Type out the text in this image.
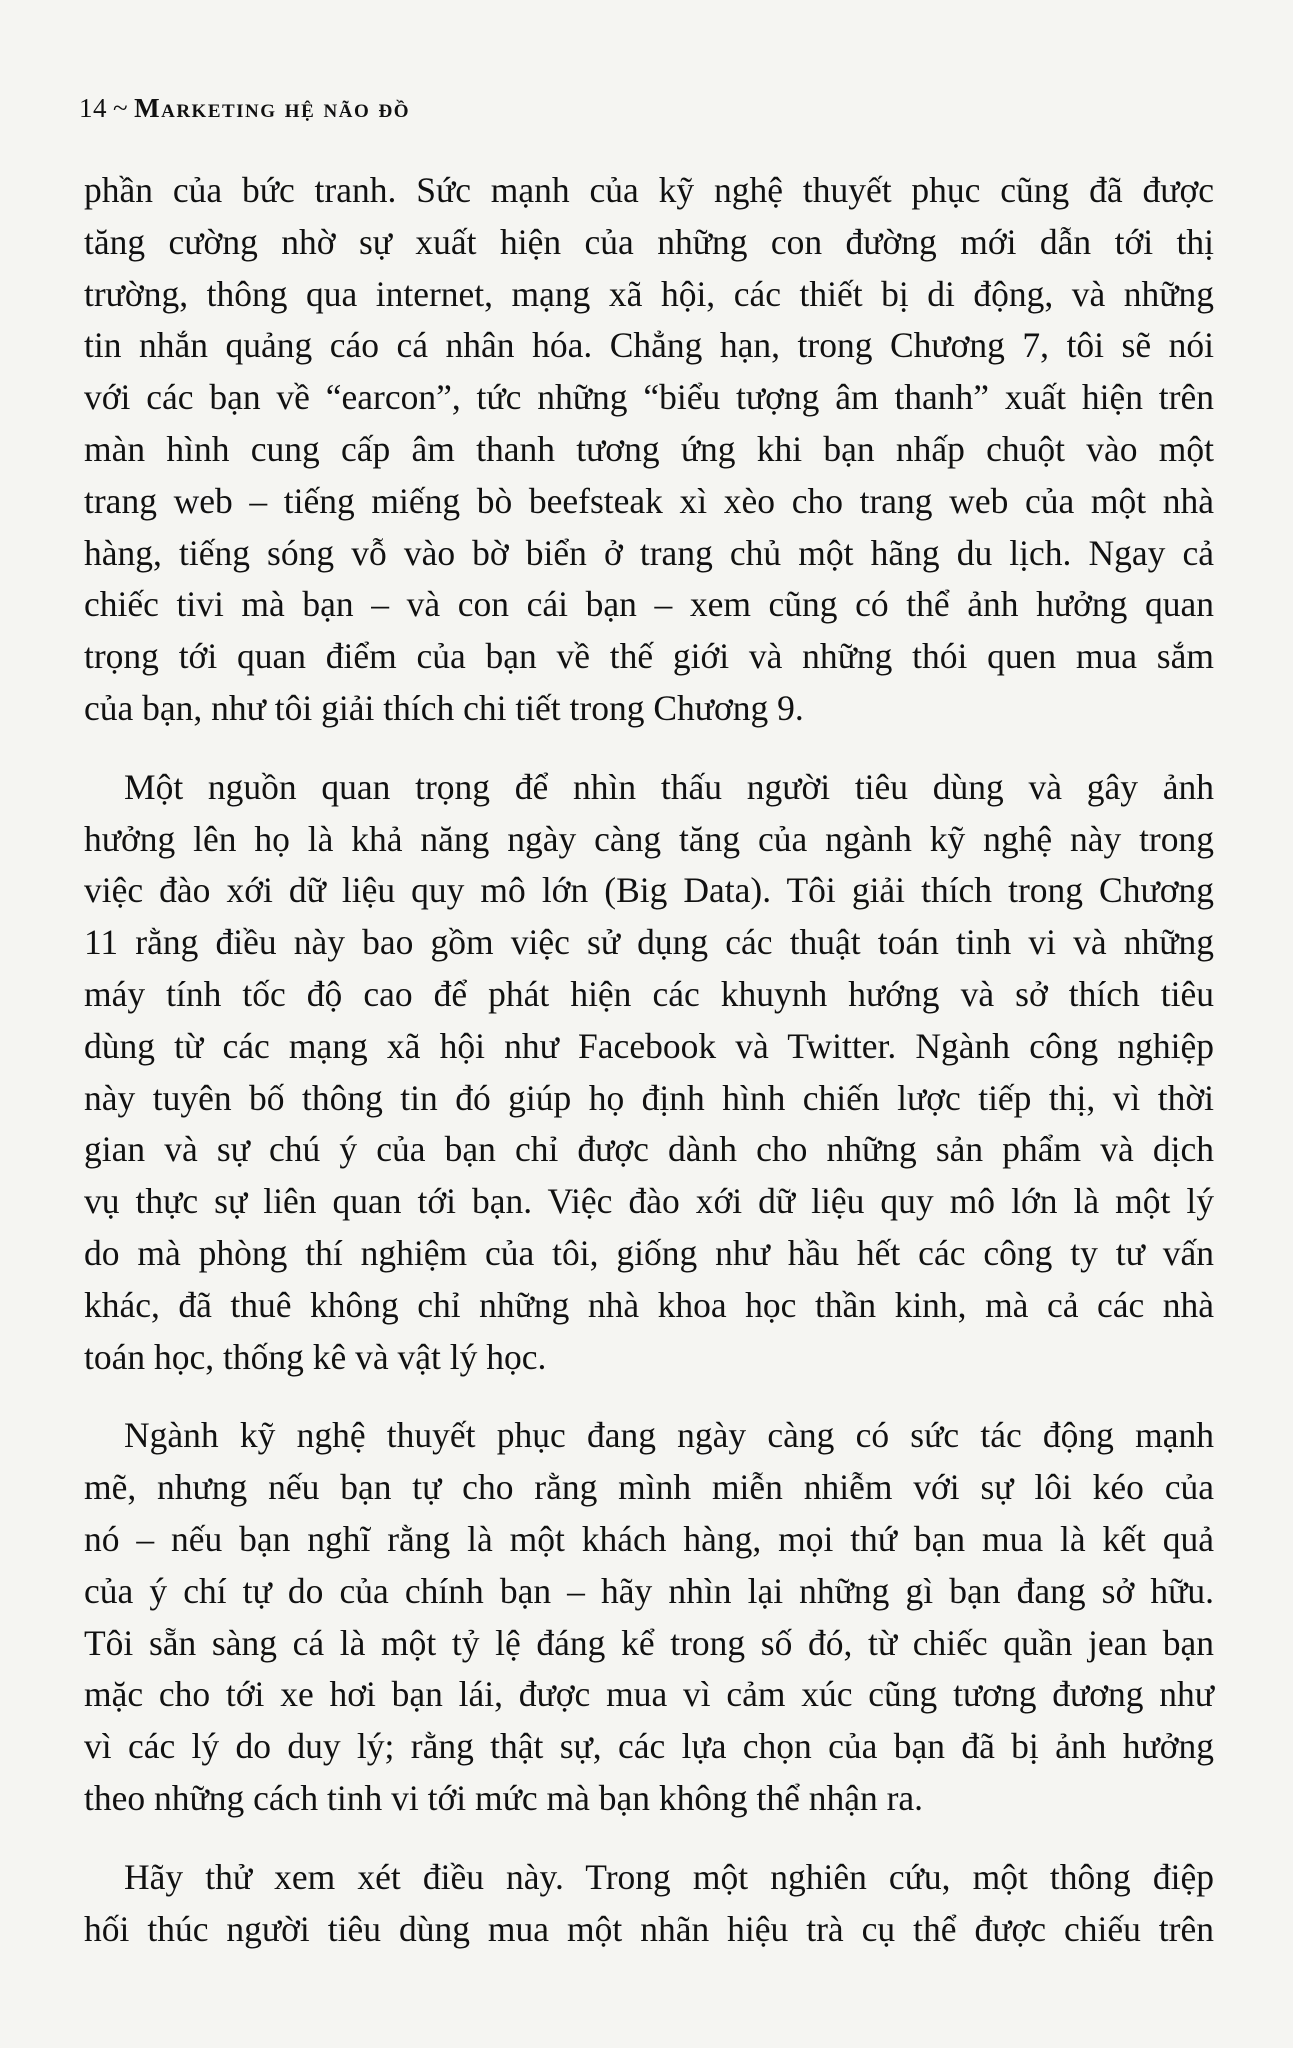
14 ~ Marketing hệ não đồ

phần của bức tranh. Sức mạnh của kỹ nghệ thuyết phục cũng đã được
tăng cường nhờ sự xuất hiện của những con đường mới dẫn tới thị
trường, thông qua internet, mạng xã hội, các thiết bị di động, và những
tin nhắn quảng cáo cá nhân hóa. Chẳng hạn, trong Chương 7, tôi sẽ nói
với các bạn về “earcon”, tức những “biểu tượng âm thanh” xuất hiện trên
màn hình cung cấp âm thanh tương ứng khi bạn nhấp chuột vào một
trang web – tiếng miếng bò beefsteak xì xèo cho trang web của một nhà
hàng, tiếng sóng vỗ vào bờ biển ở trang chủ một hãng du lịch. Ngay cả
chiếc tivi mà bạn – và con cái bạn – xem cũng có thể ảnh hưởng quan
trọng tới quan điểm của bạn về thế giới và những thói quen mua sắm
của bạn, như tôi giải thích chi tiết trong Chương 9.

Một nguồn quan trọng để nhìn thấu người tiêu dùng và gây ảnh
hưởng lên họ là khả năng ngày càng tăng của ngành kỹ nghệ này trong
việc đào xới dữ liệu quy mô lớn (Big Data). Tôi giải thích trong Chương
11 rằng điều này bao gồm việc sử dụng các thuật toán tinh vi và những
máy tính tốc độ cao để phát hiện các khuynh hướng và sở thích tiêu
dùng từ các mạng xã hội như Facebook và Twitter. Ngành công nghiệp
này tuyên bố thông tin đó giúp họ định hình chiến lược tiếp thị, vì thời
gian và sự chú ý của bạn chỉ được dành cho những sản phẩm và dịch
vụ thực sự liên quan tới bạn. Việc đào xới dữ liệu quy mô lớn là một lý
do mà phòng thí nghiệm của tôi, giống như hầu hết các công ty tư vấn
khác, đã thuê không chỉ những nhà khoa học thần kinh, mà cả các nhà
toán học, thống kê và vật lý học.

Ngành kỹ nghệ thuyết phục đang ngày càng có sức tác động mạnh
mẽ, nhưng nếu bạn tự cho rằng mình miễn nhiễm với sự lôi kéo của
nó – nếu bạn nghĩ rằng là một khách hàng, mọi thứ bạn mua là kết quả
của ý chí tự do của chính bạn – hãy nhìn lại những gì bạn đang sở hữu.
Tôi sẵn sàng cá là một tỷ lệ đáng kể trong số đó, từ chiếc quần jean bạn
mặc cho tới xe hơi bạn lái, được mua vì cảm xúc cũng tương đương như
vì các lý do duy lý; rằng thật sự, các lựa chọn của bạn đã bị ảnh hưởng
theo những cách tinh vi tới mức mà bạn không thể nhận ra.

Hãy thử xem xét điều này. Trong một nghiên cứu, một thông điệp
hối thúc người tiêu dùng mua một nhãn hiệu trà cụ thể được chiếu trên
